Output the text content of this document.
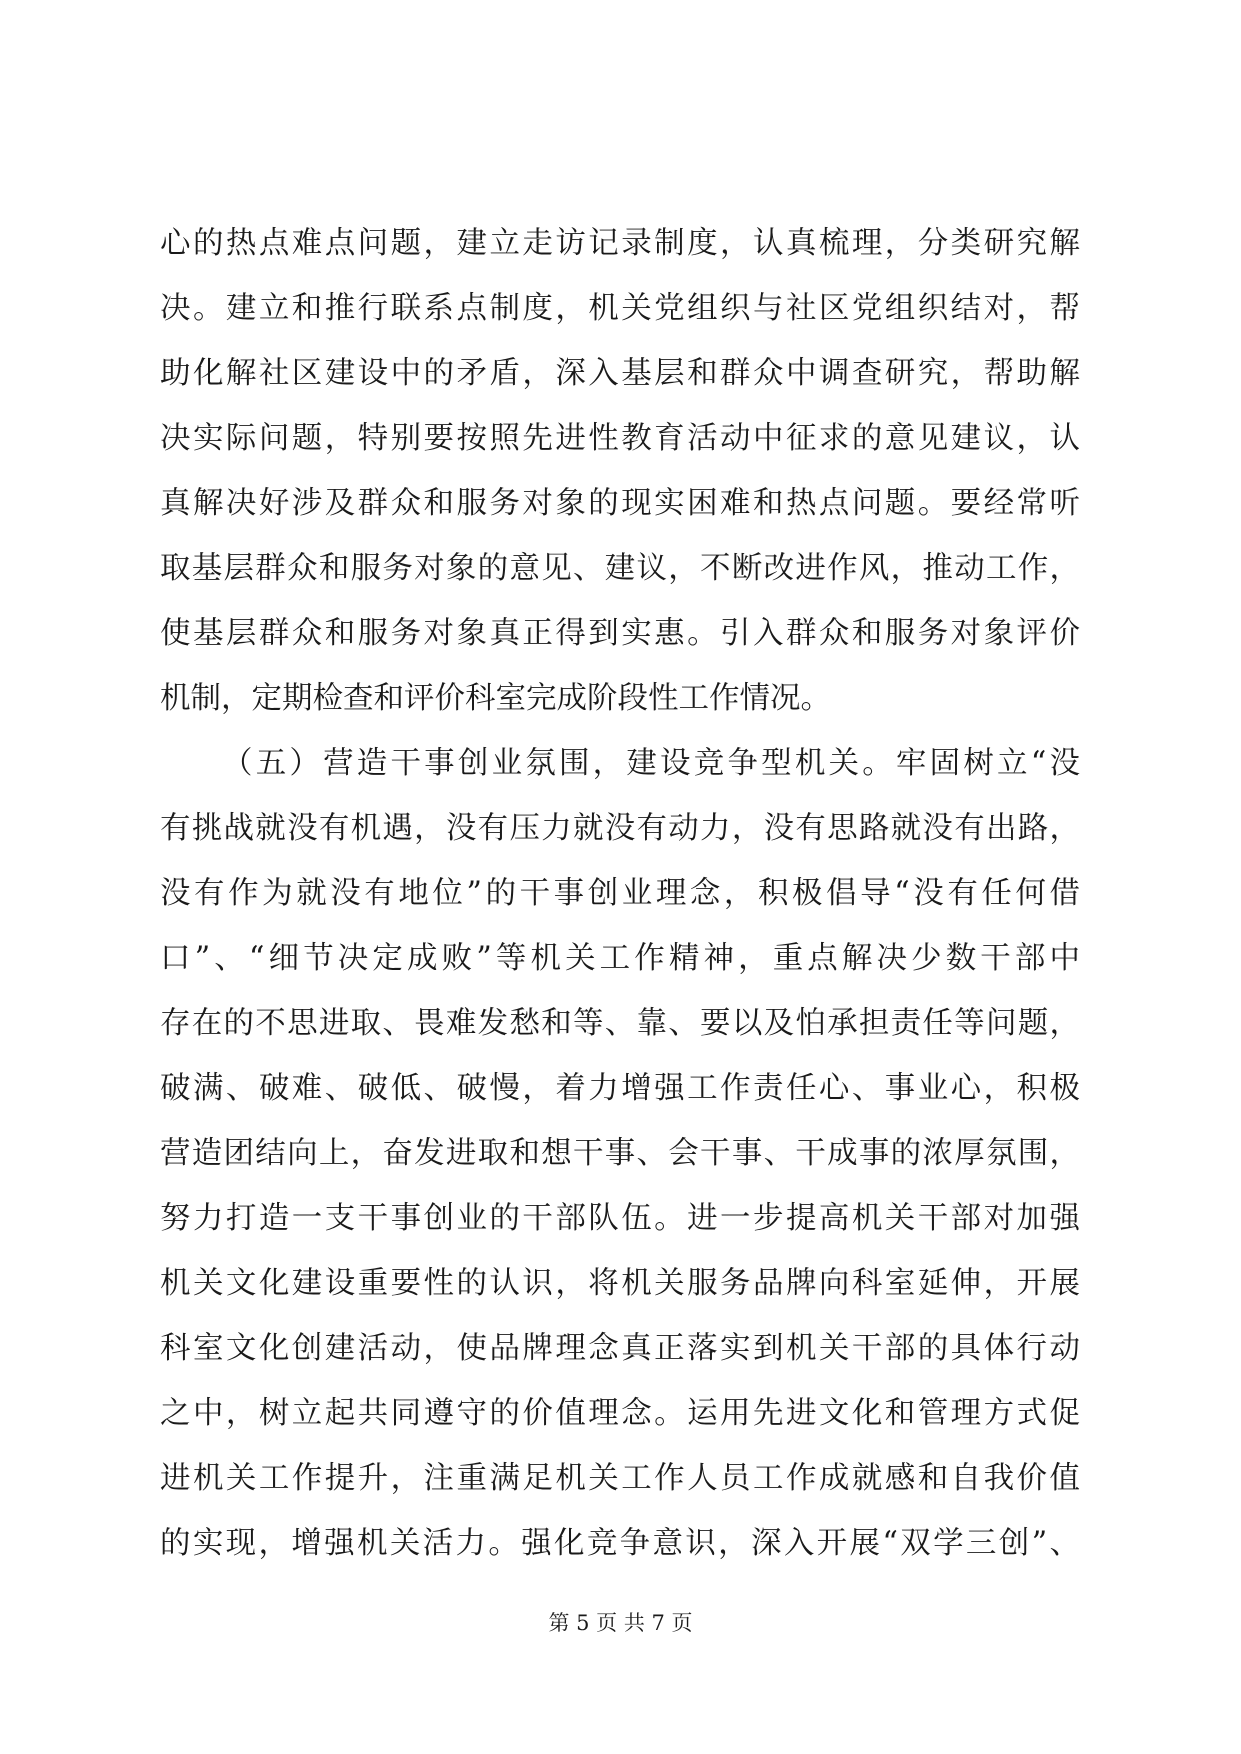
心的热点难点问题，建立走访记录制度，认真梳理，分类研究解
决。建立和推行联系点制度，机关党组织与社区党组织结对，帮
助化解社区建设中的矛盾，深入基层和群众中调查研究，帮助解
决实际问题，特别要按照先进性教育活动中征求的意见建议，认
真解决好涉及群众和服务对象的现实困难和热点问题。要经常听
取基层群众和服务对象的意见、建议，不断改进作风，推动工作，
使基层群众和服务对象真正得到实惠。引入群众和服务对象评价
机制，定期检查和评价科室完成阶段性工作情况。
（五）营造干事创业氛围，建设竞争型机关。牢固树立“没
有挑战就没有机遇，没有压力就没有动力，没有思路就没有出路，
没有作为就没有地位”的干事创业理念，积极倡导“没有任何借
口”、“细节决定成败”等机关工作精神，重点解决少数干部中
存在的不思进取、畏难发愁和等、靠、要以及怕承担责任等问题，
破满、破难、破低、破慢，着力增强工作责任心、事业心，积极
营造团结向上，奋发进取和想干事、会干事、干成事的浓厚氛围，
努力打造一支干事创业的干部队伍。进一步提高机关干部对加强
机关文化建设重要性的认识，将机关服务品牌向科室延伸，开展
科室文化创建活动，使品牌理念真正落实到机关干部的具体行动
之中，树立起共同遵守的价值理念。运用先进文化和管理方式促
进机关工作提升，注重满足机关工作人员工作成就感和自我价值
的实现，增强机关活力。强化竞争意识，深入开展“双学三创”、
第 5 页 共 7 页
